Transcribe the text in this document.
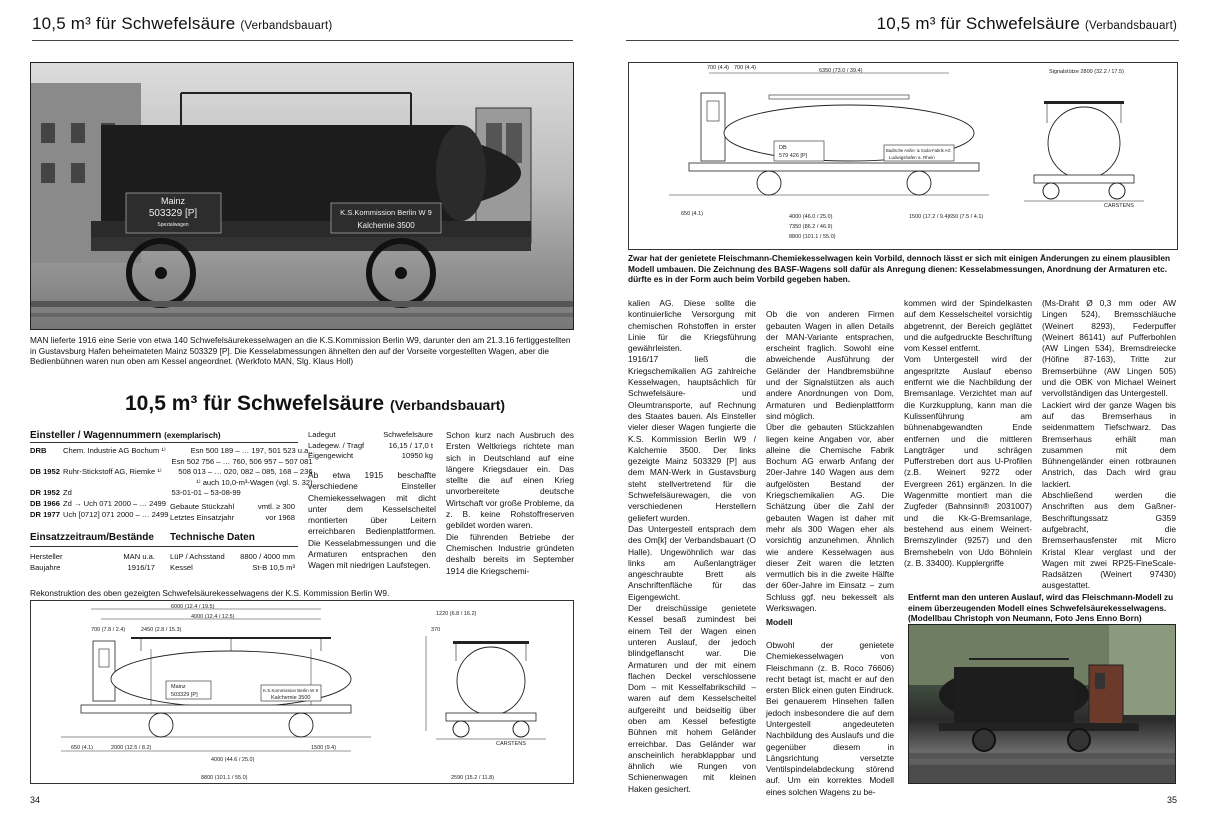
10,5 m³ für Schwefelsäure (Verbandsbauart)
Mainz
503329 [P]
Spezialwagen
K.S.Kommission Berlin W 9
Kalchemie 3500
MAN lieferte 1916 eine Serie von etwa 140 Schwefelsäurekesselwagen an die K.S.Kommission Berlin W9, darunter den am 21.3.16 fertiggestellten in Gustavsburg Hafen beheimateten Mainz 503329 [P]. Die Kesselabmessungen ähnelten den auf der Vorseite vorgestellten Wagen, aber die Bedienbühnen waren nun oben am Kessel angeordnet. (Werkfoto MAN, Slg. Klaus Holl)
10,5 m³ für Schwefelsäure (Verbandsbauart)
Einsteller / Wagennummern (exemplarisch)
DRB	Chem. Industrie AG Bochum ¹⁾	Esn 500 189 – … 197, 501 523 u.a.,
		Esn 502 756 – … 760, 506 957 – 507 081
DB 1952	Ruhr-Stickstoff AG, Riemke ¹⁾	508 013 – … 020, 082 – 085, 168 – 236
		¹⁾ auch 10,0-m³-Wagen (vgl. S. 32)
DR 1952	Zd	53-01-01 – 53-08-99
DB 1966	Zd → Uch 071 2000 – … 2499	
DR 1977	Uch [0712] 071 2000 – … 2499	
Ladegut	Schwefelsäure
Ladegew. / Tragf	16,15 / 17,0 t
Eigengewicht	10950 kg
Ab etwa 1915 beschaffte verschiedene Einsteller Chemiekesselwagen mit dicht unter dem Kesselscheitel montierten über Leitern erreichbaren Bedienplattformen. Die Kesselabmessungen und die Armaturen entsprachen den Wagen mit niedrigen Laufstegen.
Gebaute Stückzahl	vmtl. ≥ 300
Letztes Einsatzjahr	vor 1968
Einsatzzeitraum/Bestände Technische Daten
Hersteller	MAN u.a.
Baujahre	1916/17
LüP / Achsstand	8800 / 4000 mm
Kessel	St-B 10,5 m³
Schon kurz nach Ausbruch des Ersten Weltkriegs richtete man sich in Deutschland auf eine längere Kriegsdauer ein. Das stellte die auf einen Krieg unvorbereitete deutsche Wirtschaft vor große Probleme, da z. B. keine Rohstoffreserven gebildet worden waren.
Die führenden Betriebe der Chemischen Industrie gründeten deshalb bereits im September 1914 die Kriegschemi-
Rekonstruktion des oben gezeigten Schwefelsäurekesselwagens der K.S. Kommission Berlin W9.
6000 (12.4 / 19.5)
4000 (12.4 / 12.5)
2450 (2.8 / 15.3)
700 (7.8 / 2.4)
Mainz
503329 [P]
K.S.Kommission Berlin W 9
Kalchemie 3500
2000 (12.5 / 8.2)
4000 (44.6 / 25.0)
8800 (101.1 / 55.0)
1500 (9.4)
650 (4.1)
1220 (6.8 / 16.2)
370
2590 (15.2 / 11.8)
CARSTENS
34
10,5 m³ für Schwefelsäure (Verbandsbauart)
6350 (73.0 / 39.4)
700 (4.4) 700 (4.4)
DB
579 426 [P]
Badische Anilin- & Soda-Fabrik AG
Ludwigshafen a. Rhein
650 (4.1)	4000 (46.0 / 25.0)
7350 (86.2 / 46.9)
8800 (101.1 / 55.0)
1500 (17.2 / 9.4) 650 (7.5 / 4.1)
Signalstütze 2800 (32.2 / 17.5)
CARSTENS
Zwar hat der genietete Fleischmann-Chemiekesselwagen kein Vorbild, dennoch lässt er sich mit einigen Änderungen zu einem plausiblen Modell umbauen. Die Zeichnung des BASF-Wagens soll dafür als Anregung dienen: Kesselabmessungen, Anordnung der Armaturen etc. dürfte es in der Form auch beim Vorbild gegeben haben.
kalien AG. Diese sollte die kontinuierliche Versorgung mit chemischen Rohstoffen in erster Linie für die Kriegsführung gewährleisten.
1916/17 ließ die Kriegschemikalien AG zahlreiche Kesselwagen, hauptsächlich für Schwefelsäure- und Oleumtransporte, auf Rechnung des Staates bauen. Als Einsteller vieler dieser Wagen fungierte die K.S. Kommission Berlin W9 / Kalchemie 3500. Der links gezeigte Mainz 503329 [P] aus dem MAN-Werk in Gustavsburg steht stellvertretend für die Schwefelsäurewagen, die von verschiedenen Herstellern geliefert wurden.
Das Untergestell entsprach dem des Om[k] der Verbandsbauart (O Halle). Ungewöhnlich war das links am Außenlangträger angeschraubte Brett als Anschriftenfläche für das Eigengewicht.
Der dreischüssige genietete Kessel besaß zumindest bei einem Teil der Wagen einen unteren Auslauf, der jedoch blindgeflanscht war. Die Armaturen und der mit einem flachen Deckel verschlossene Dom – mit Kesselfabrikschild – waren auf dem Kesselscheitel aufgereiht und beidseitig über oben am Kessel befestigte Bühnen mit hohem Geländer erreichbar. Das Geländer war anscheinlich herabklappbar und ähnlich wie Rungen von Schienenwagen mit kleinen Haken gesichert.

Ob die von anderen Firmen gebauten Wagen in allen Details der MAN-Variante entsprachen, erscheint fraglich. Sowohl eine abweichende Ausführung der Geländer der Handbremsbühne und der Signalstützen als auch andere Anordnungen von Dom, Armaturen und Bedienplattform sind möglich.
Über die gebauten Stückzahlen liegen keine Angaben vor, aber alleine die Chemische Fabrik Bochum AG erwarb Anfang der 20er-Jahre 140 Wagen aus dem aufgelösten Bestand der Kriegschemikalien AG. Die Schätzung über die Zahl der gebauten Wagen ist daher mit mehr als 300 Wagen eher als vorsichtig anzunehmen. Ähnlich wie andere Kesselwagen aus dieser Zeit waren die letzten vermutlich bis in die zweite Hälfte der 60er-Jahre im Einsatz – zum Schluss ggf. neu bekesselt als Werkswagen.

Modell

Obwohl der genietete Chemiekesselwagen von Fleischmann (z. B. Roco 76606) recht betagt ist, macht er auf den ersten Blick einen guten Eindruck. Bei genauerem Hinsehen fallen jedoch insbesondere die auf dem Untergestell angedeuteten Nachbildung des Auslaufs und die gegenüber diesem in Längsrichtung versetzte Ventilspindelabdeckung störend auf. Um ein korrektes Modell eines solchen Wagens zu be-

kommen wird der Spindelkasten auf dem Kesselscheitel vorsichtig abgetrennt, der Bereich geglättet und die aufgedruckte Beschriftung vom Kessel entfernt.
Vom Untergestell wird der angespritzte Auslauf ebenso entfernt wie die Nachbildung der Bremsanlage. Verzichtet man auf die Kurzkupplung, kann man die Kulissenführung am bühnenabgewandten Ende entfernen und die mittleren Langträger und schrägen Pufferstreben dort aus U-Profilen (z.B. Weinert 9272 oder Evergreen 261) ergänzen. In die Wagenmitte montiert man die Zugfeder (Bahnsinn® 2031007) und die Kk-G-Bremsanlage, bestehend aus einem Weinert-Bremszylinder (9257) und den Bremshebeln von Udo Böhnlein (z. B. 33400). Kupplergriffe
(Ms-Draht Ø 0,3 mm oder AW Lingen 524), Bremsschläuche (Weinert 8293), Federpuffer (Weinert 86141) auf Pufferbohlen (AW Lingen 534), Bremsdreiecke (Höfine 87-163), Tritte zur Bremserbühne (AW Lingen 505) und die OBK von Michael Weinert vervollständigen das Untergestell.
Lackiert wird der ganze Wagen bis auf das Bremserhaus in seidenmattem Tiefschwarz. Das Bremserhaus erhält man zusammen mit dem Bühnengeländer einen rotbraunen Anstrich, das Dach wird grau lackiert.
Abschließend werden die Anschriften aus dem Gaßner-Beschriftungssatz G359 aufgebracht, die Bremserhausfenster mit Micro Kristal Klear verglast und der Wagen mit zwei RP25-FineScale-Radsätzen (Weinert 97430) ausgestattet.
Entfernt man den unteren Auslauf, wird das Fleischmann-Modell zu einem überzeugenden Modell eines Schwefelsäurekesselwagens. (Modellbau Christoph von Neumann, Foto Jens Enno Born)
35
